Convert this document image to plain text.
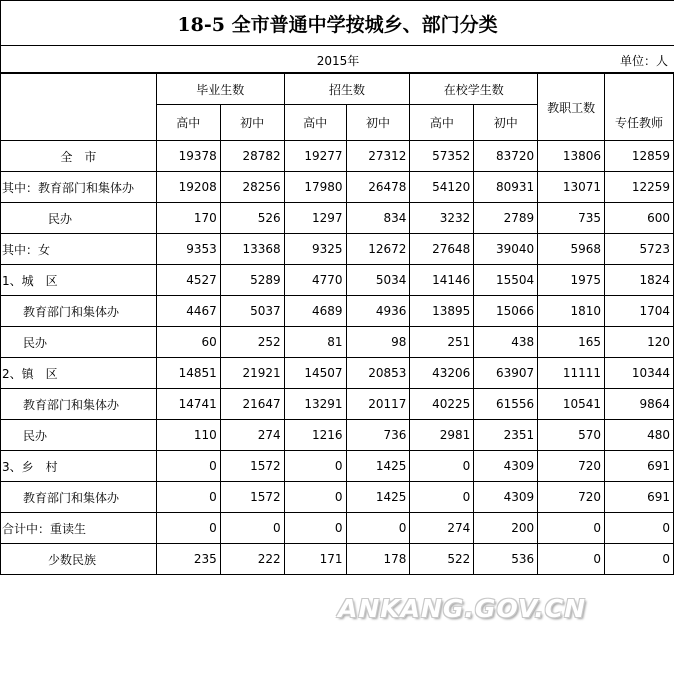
18-5 全市普通中学按城乡、部门分类
2015年	单位：人
	毕业生数		招生数		在校学生数		教职工数	
	高中	初中	高中	初中	高中	初中		专任教师
全　市	19378	28782	19277	27312	57352	83720	13806	12859
其中：教育部门和集体办	19208	28256	17980	26478	54120	80931	13071	12259
民办	170	526	1297	834	3232	2789	735	600
其中：女	9353	13368	9325	12672	27648	39040	5968	5723
1、城　区	4527	5289	4770	5034	14146	15504	1975	1824
教育部门和集体办	4467	5037	4689	4936	13895	15066	1810	1704
民办	60	252	81	98	251	438	165	120
2、镇　区	14851	21921	14507	20853	43206	63907	11111	10344
教育部门和集体办	14741	21647	13291	20117	40225	61556	10541	9864
民办	110	274	1216	736	2981	2351	570	480
3、乡　村	0	1572	0	1425	0	4309	720	691
教育部门和集体办	0	1572	0	1425	0	4309	720	691
合计中：重读生	0	0	0	0	274	200	0	0
少数民族	235	222	171	178	522	536	0	0
ANKANG.GOV.CN
